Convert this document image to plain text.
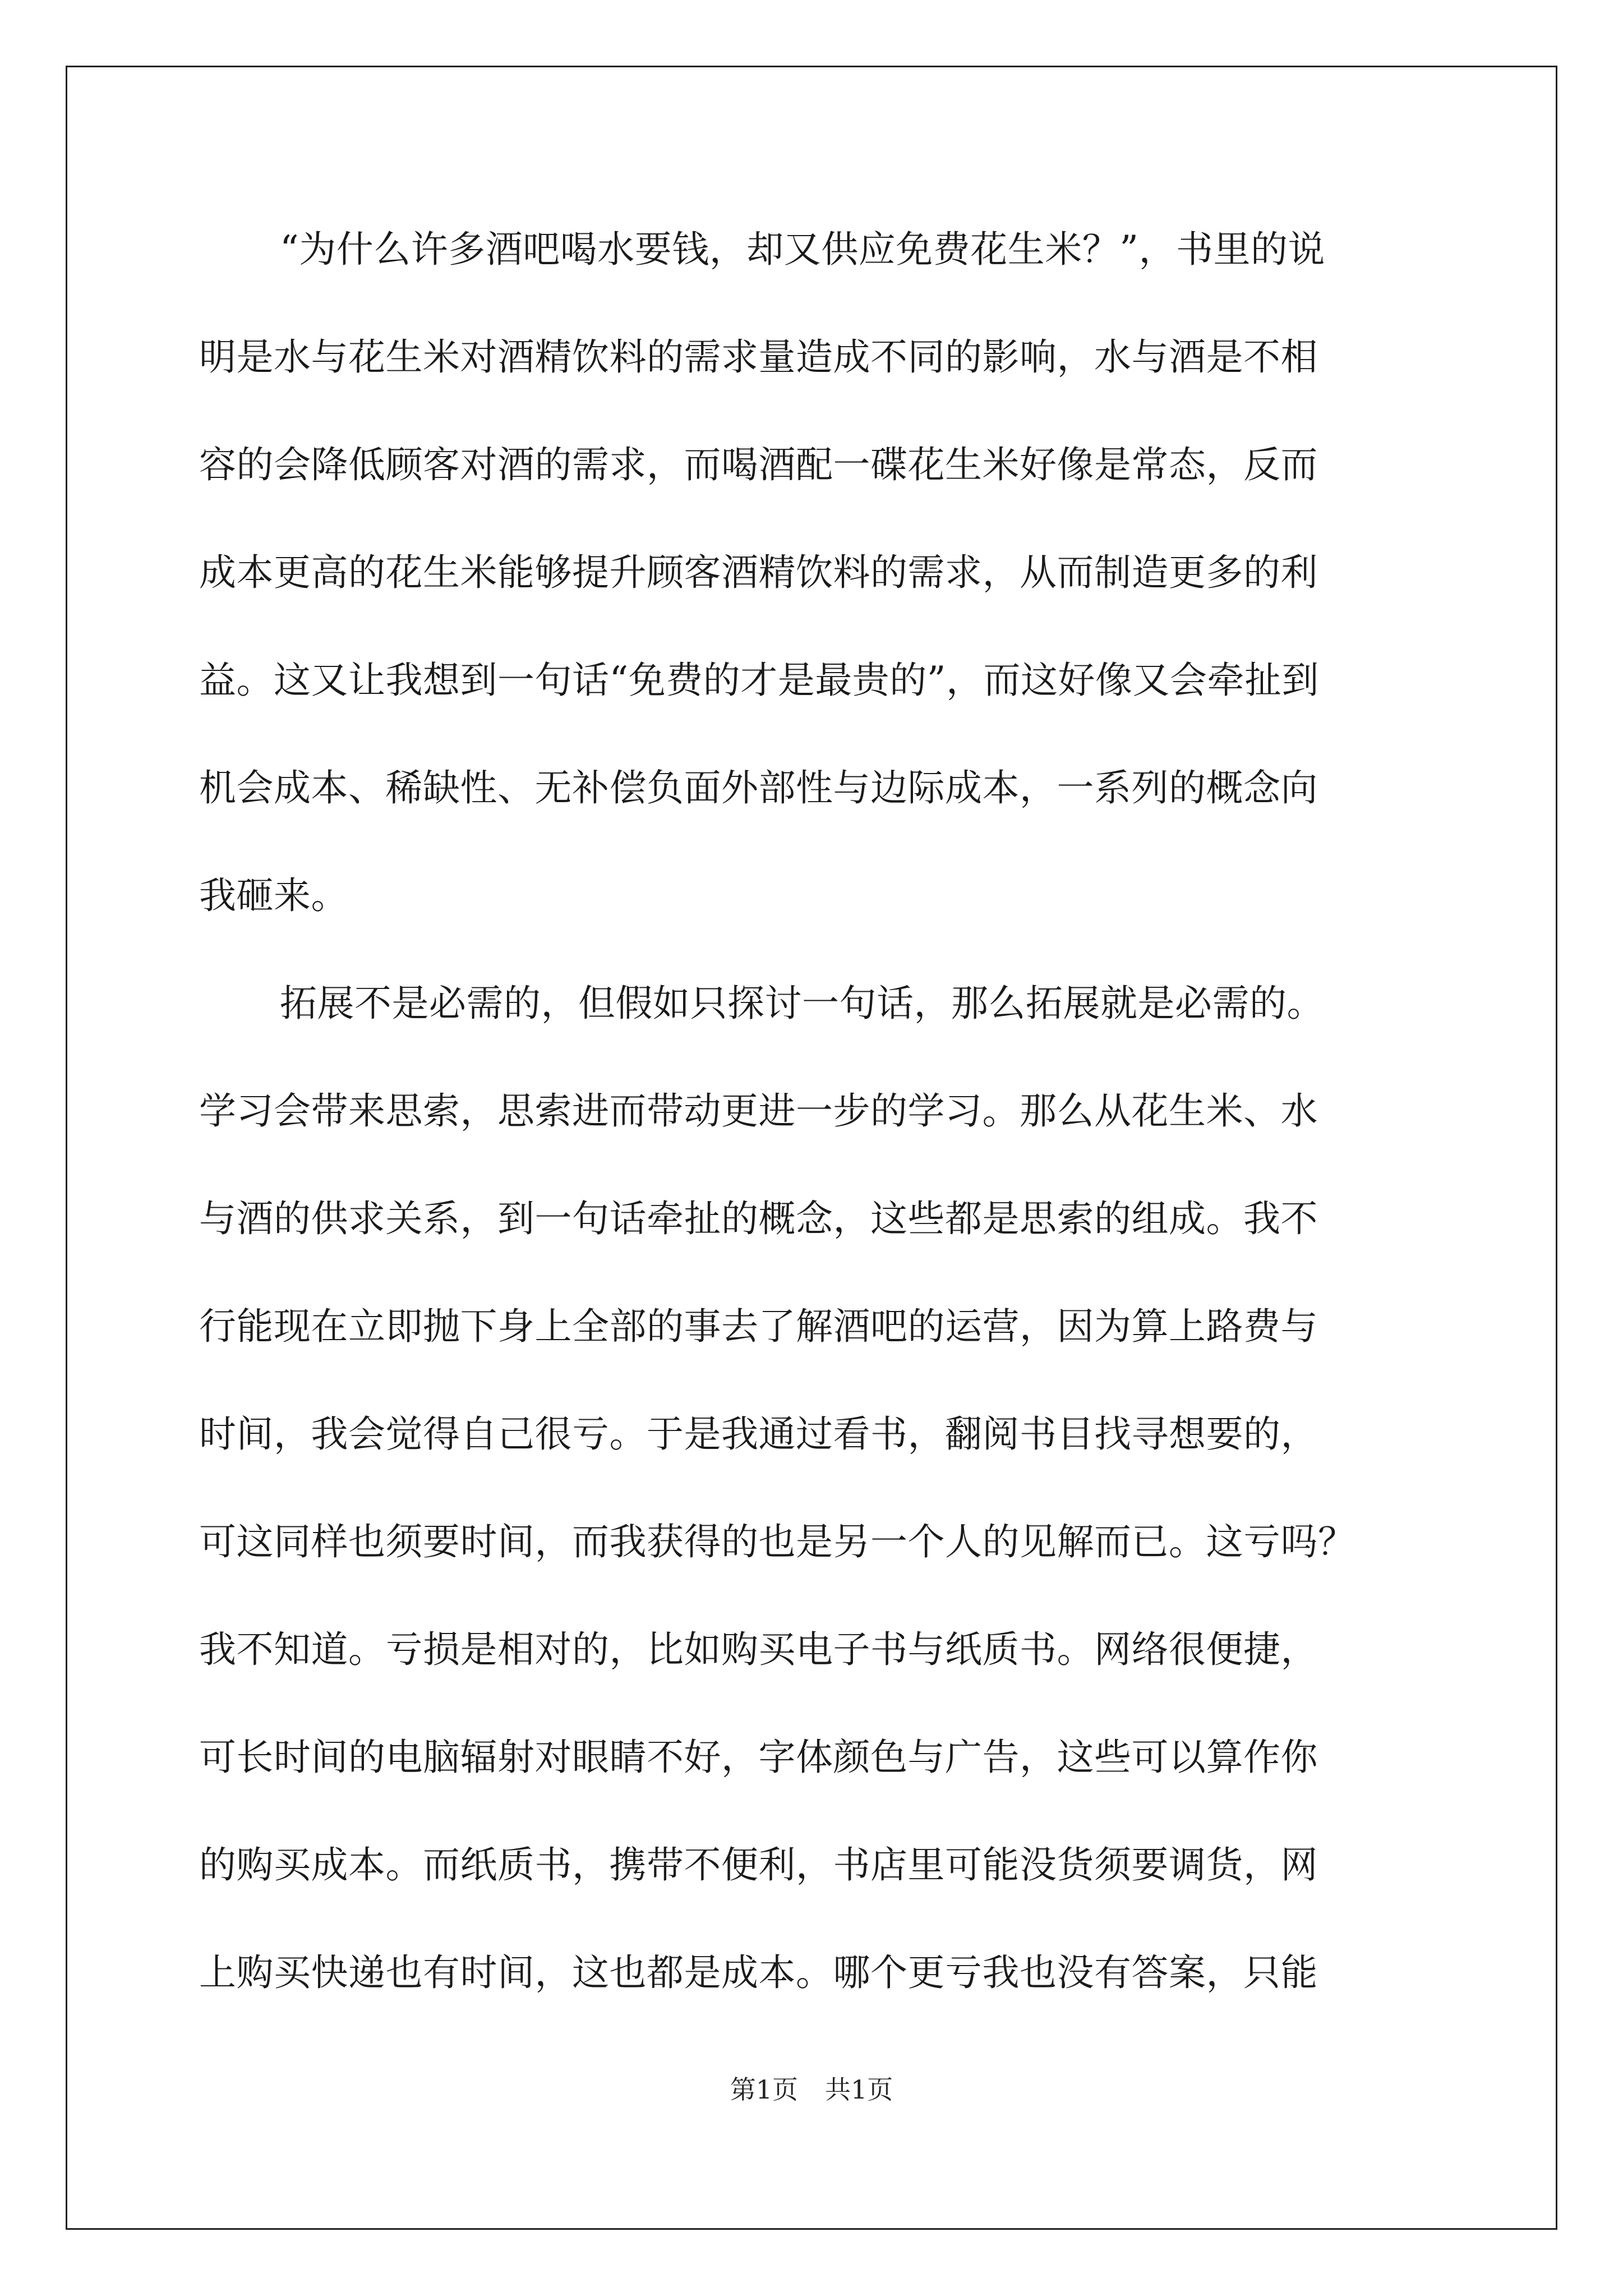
“为什么许多酒吧喝水要钱，却又供应免费花生米？”，书里的说
明是水与花生米对酒精饮料的需求量造成不同的影响，水与酒是不相
容的会降低顾客对酒的需求，而喝酒配一碟花生米好像是常态，反而
成本更高的花生米能够提升顾客酒精饮料的需求，从而制造更多的利
益。这又让我想到一句话“免费的才是最贵的”，而这好像又会牵扯到
机会成本、稀缺性、无补偿负面外部性与边际成本，一系列的概念向
我砸来。
拓展不是必需的，但假如只探讨一句话，那么拓展就是必需的。
学习会带来思索，思索进而带动更进一步的学习。那么从花生米、水
与酒的供求关系，到一句话牵扯的概念，这些都是思索的组成。我不
行能现在立即抛下身上全部的事去了解酒吧的运营，因为算上路费与
时间，我会觉得自己很亏。于是我通过看书，翻阅书目找寻想要的，
可这同样也须要时间，而我获得的也是另一个人的见解而已。这亏吗？
我不知道。亏损是相对的，比如购买电子书与纸质书。网络很便捷，
可长时间的电脑辐射对眼睛不好，字体颜色与广告，这些可以算作你
的购买成本。而纸质书，携带不便利，书店里可能没货须要调货，网
上购买快递也有时间，这也都是成本。哪个更亏我也没有答案，只能
第1页 共1页
